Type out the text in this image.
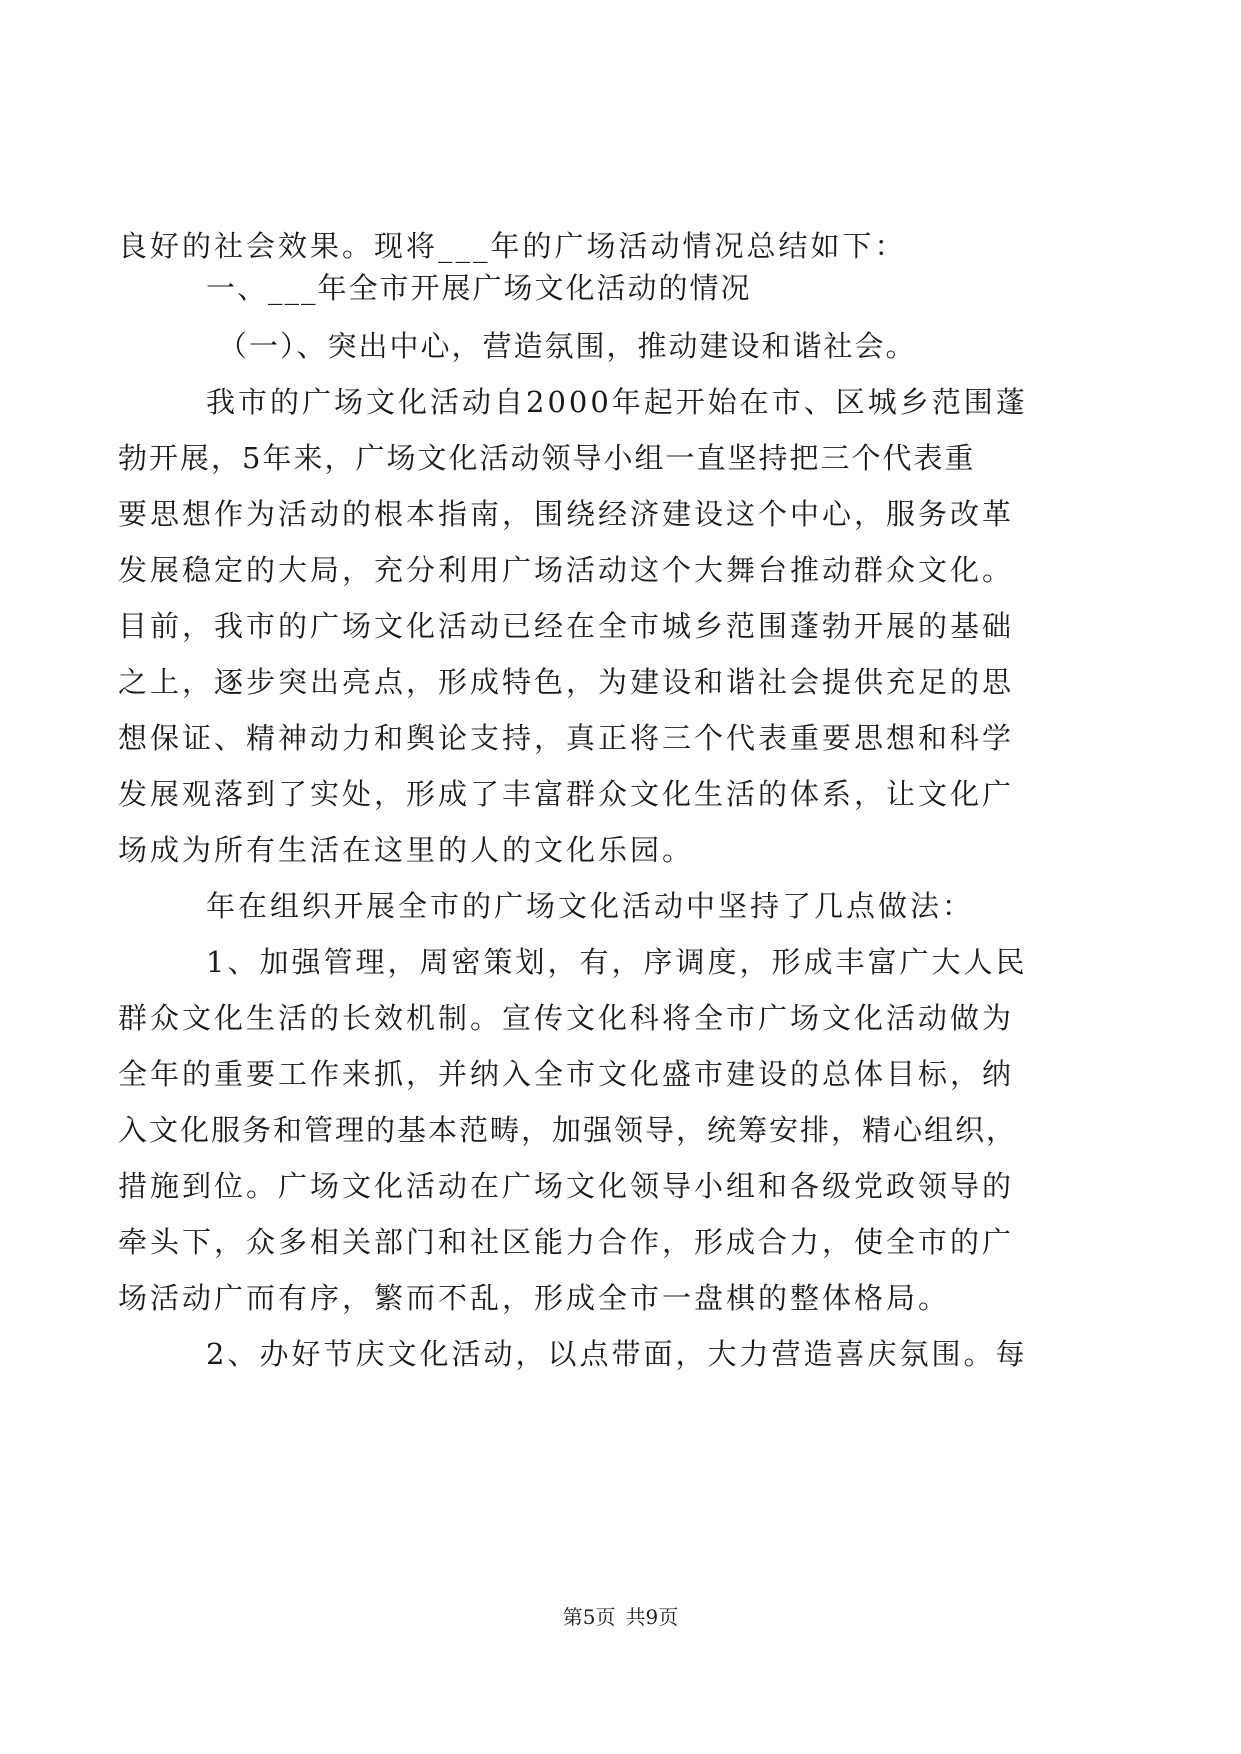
良好的社会效果。现将___年的广场活动情况总结如下：
一、___年全市开展广场文化活动的情况
（一）、突出中心，营造氛围，推动建设和谐社会。
我市的广场文化活动自2000年起开始在市、区城乡范围蓬
勃开展，5年来，广场文化活动领导小组一直坚持把三个代表重
要思想作为活动的根本指南，围绕经济建设这个中心，服务改革
发展稳定的大局，充分利用广场活动这个大舞台推动群众文化。
目前，我市的广场文化活动已经在全市城乡范围蓬勃开展的基础
之上，逐步突出亮点，形成特色，为建设和谐社会提供充足的思
想保证、精神动力和舆论支持，真正将三个代表重要思想和科学
发展观落到了实处，形成了丰富群众文化生活的体系，让文化广
场成为所有生活在这里的人的文化乐园。
年在组织开展全市的广场文化活动中坚持了几点做法：
1、加强管理，周密策划，有，序调度，形成丰富广大人民
群众文化生活的长效机制。宣传文化科将全市广场文化活动做为
全年的重要工作来抓，并纳入全市文化盛市建设的总体目标，纳
入文化服务和管理的基本范畴，加强领导，统筹安排，精心组织，
措施到位。广场文化活动在广场文化领导小组和各级党政领导的
牵头下，众多相关部门和社区能力合作，形成合力，使全市的广
场活动广而有序，繁而不乱，形成全市一盘棋的整体格局。
2、办好节庆文化活动，以点带面，大力营造喜庆氛围。每
第5页 共9页
